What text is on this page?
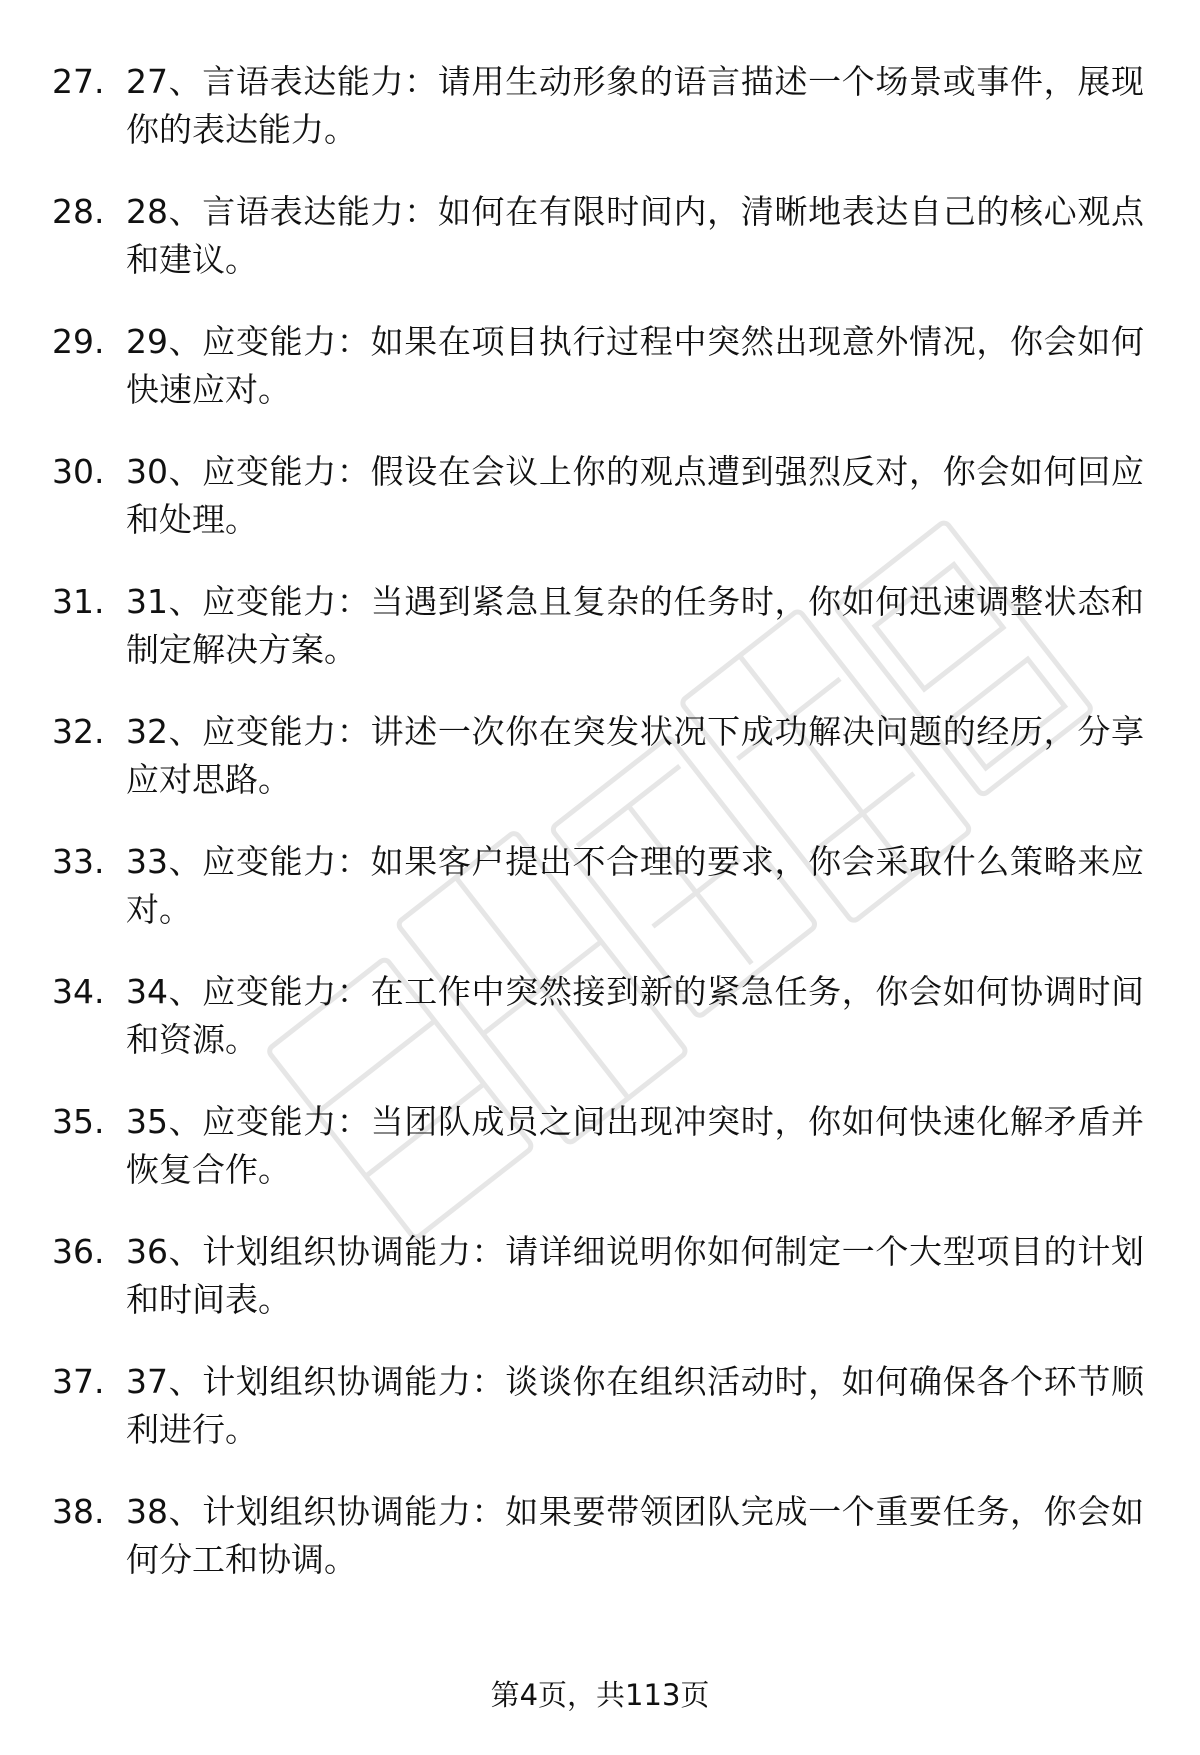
27. 27、言语表达能力：请用生动形象的语言描述一个场景或事件，展现你的表达能力。
28. 28、言语表达能力：如何在有限时间内，清晰地表达自己的核心观点和建议。
29. 29、应变能力：如果在项目执行过程中突然出现意外情况，你会如何快速应对。
30. 30、应变能力：假设在会议上你的观点遭到强烈反对，你会如何回应和处理。
31. 31、应变能力：当遇到紧急且复杂的任务时，你如何迅速调整状态和制定解决方案。
32. 32、应变能力：讲述一次你在突发状况下成功解决问题的经历，分享应对思路。
33. 33、应变能力：如果客户提出不合理的要求，你会采取什么策略来应对。
34. 34、应变能力：在工作中突然接到新的紧急任务，你会如何协调时间和资源。
35. 35、应变能力：当团队成员之间出现冲突时，你如何快速化解矛盾并恢复合作。
36. 36、计划组织协调能力：请详细说明你如何制定一个大型项目的计划和时间表。
37. 37、计划组织协调能力：谈谈你在组织活动时，如何确保各个环节顺利进行。
38. 38、计划组织协调能力：如果要带领团队完成一个重要任务，你会如何分工和协调。
第4页，共113页
